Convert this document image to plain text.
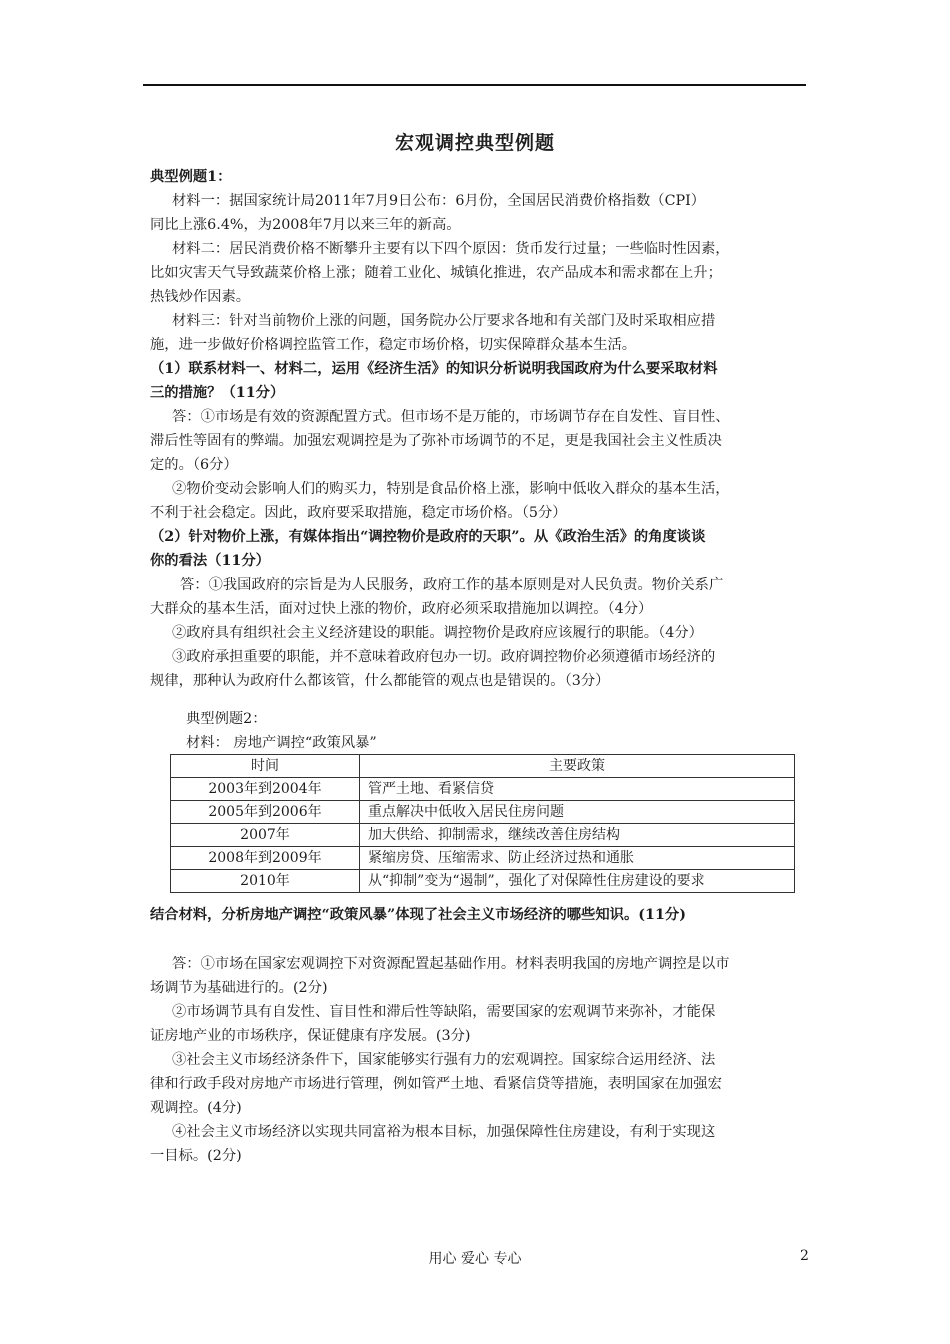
宏观调控典型例题
典型例题1：
材料一：据国家统计局2011年7月9日公布：6月份，全国居民消费价格指数（CPI）
同比上涨6.4%，为2008年7月以来三年的新高。
材料二：居民消费价格不断攀升主要有以下四个原因：货币发行过量；一些临时性因素，
比如灾害天气导致蔬菜价格上涨；随着工业化、城镇化推进，农产品成本和需求都在上升；
热钱炒作因素。
材料三：针对当前物价上涨的问题，国务院办公厅要求各地和有关部门及时采取相应措
施，进一步做好价格调控监管工作，稳定市场价格，切实保障群众基本生活。
（1）联系材料一、材料二，运用《经济生活》的知识分析说明我国政府为什么要采取材料
三的措施？（11分）
答：①市场是有效的资源配置方式。但市场不是万能的，市场调节存在自发性、盲目性、
滞后性等固有的弊端。加强宏观调控是为了弥补市场调节的不足，更是我国社会主义性质决
定的。（6分）
②物价变动会影响人们的购买力，特别是食品价格上涨，影响中低收入群众的基本生活，
不利于社会稳定。因此，政府要采取措施，稳定市场价格。（5分）
（2）针对物价上涨，有媒体指出“调控物价是政府的天职”。从《政治生活》的角度谈谈
你的看法（11分）
答：①我国政府的宗旨是为人民服务，政府工作的基本原则是对人民负责。物价关系广
大群众的基本生活，面对过快上涨的物价，政府必须采取措施加以调控。（4分）
②政府具有组织社会主义经济建设的职能。调控物价是政府应该履行的职能。（4分）
③政府承担重要的职能，并不意味着政府包办一切。政府调控物价必须遵循市场经济的
规律，那种认为政府什么都该管，什么都能管的观点也是错误的。（3分）
典型例题2：
材料： 房地产调控“政策风暴”
时间	主要政策
2003年到2004年	管严土地、看紧信贷
2005年到2006年	重点解决中低收入居民住房问题
2007年	加大供给、抑制需求，继续改善住房结构
2008年到2009年	紧缩房贷、压缩需求、防止经济过热和通胀
2010年	从“抑制”变为“遏制”，强化了对保障性住房建设的要求
结合材料，分析房地产调控“政策风暴”体现了社会主义市场经济的哪些知识。(11分)
答：①市场在国家宏观调控下对资源配置起基础作用。材料表明我国的房地产调控是以市
场调节为基础进行的。(2分)
②市场调节具有自发性、盲目性和滞后性等缺陷，需要国家的宏观调节来弥补，才能保
证房地产业的市场秩序，保证健康有序发展。(3分)
③社会主义市场经济条件下，国家能够实行强有力的宏观调控。国家综合运用经济、法
律和行政手段对房地产市场进行管理，例如管严土地、看紧信贷等措施，表明国家在加强宏
观调控。(4分)
④社会主义市场经济以实现共同富裕为根本目标，加强保障性住房建设，有利于实现这
一目标。(2分)
用心 爱心 专心	2
